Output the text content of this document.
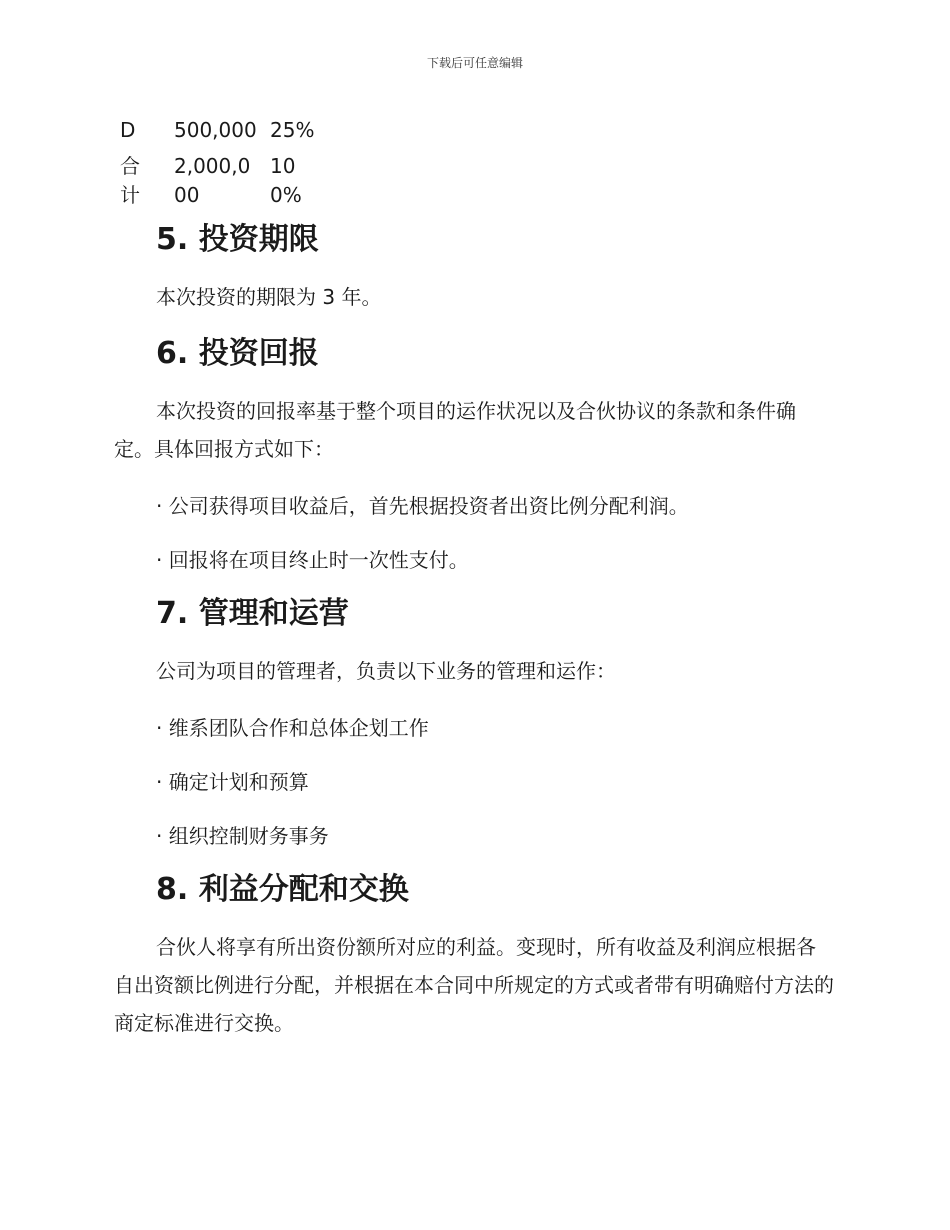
下载后可任意编辑
D	500,000	25%

合计	2,000,000	100%
5. 投资期限

本次投资的期限为 3 年。

6. 投资回报

本次投资的回报率基于整个项目的运作状况以及合伙协议的条款和条件确定。具体回报方式如下：

· 公司获得项目收益后，首先根据投资者出资比例分配利润。

· 回报将在项目终止时一次性支付。

7. 管理和运营

公司为项目的管理者，负责以下业务的管理和运作：

· 维系团队合作和总体企划工作

· 确定计划和预算

· 组织控制财务事务

8. 利益分配和交换

合伙人将享有所出资份额所对应的利益。变现时，所有收益及利润应根据各自出资额比例进行分配，并根据在本合同中所规定的方式或者带有明确赔付方法的商定标准进行交换。
